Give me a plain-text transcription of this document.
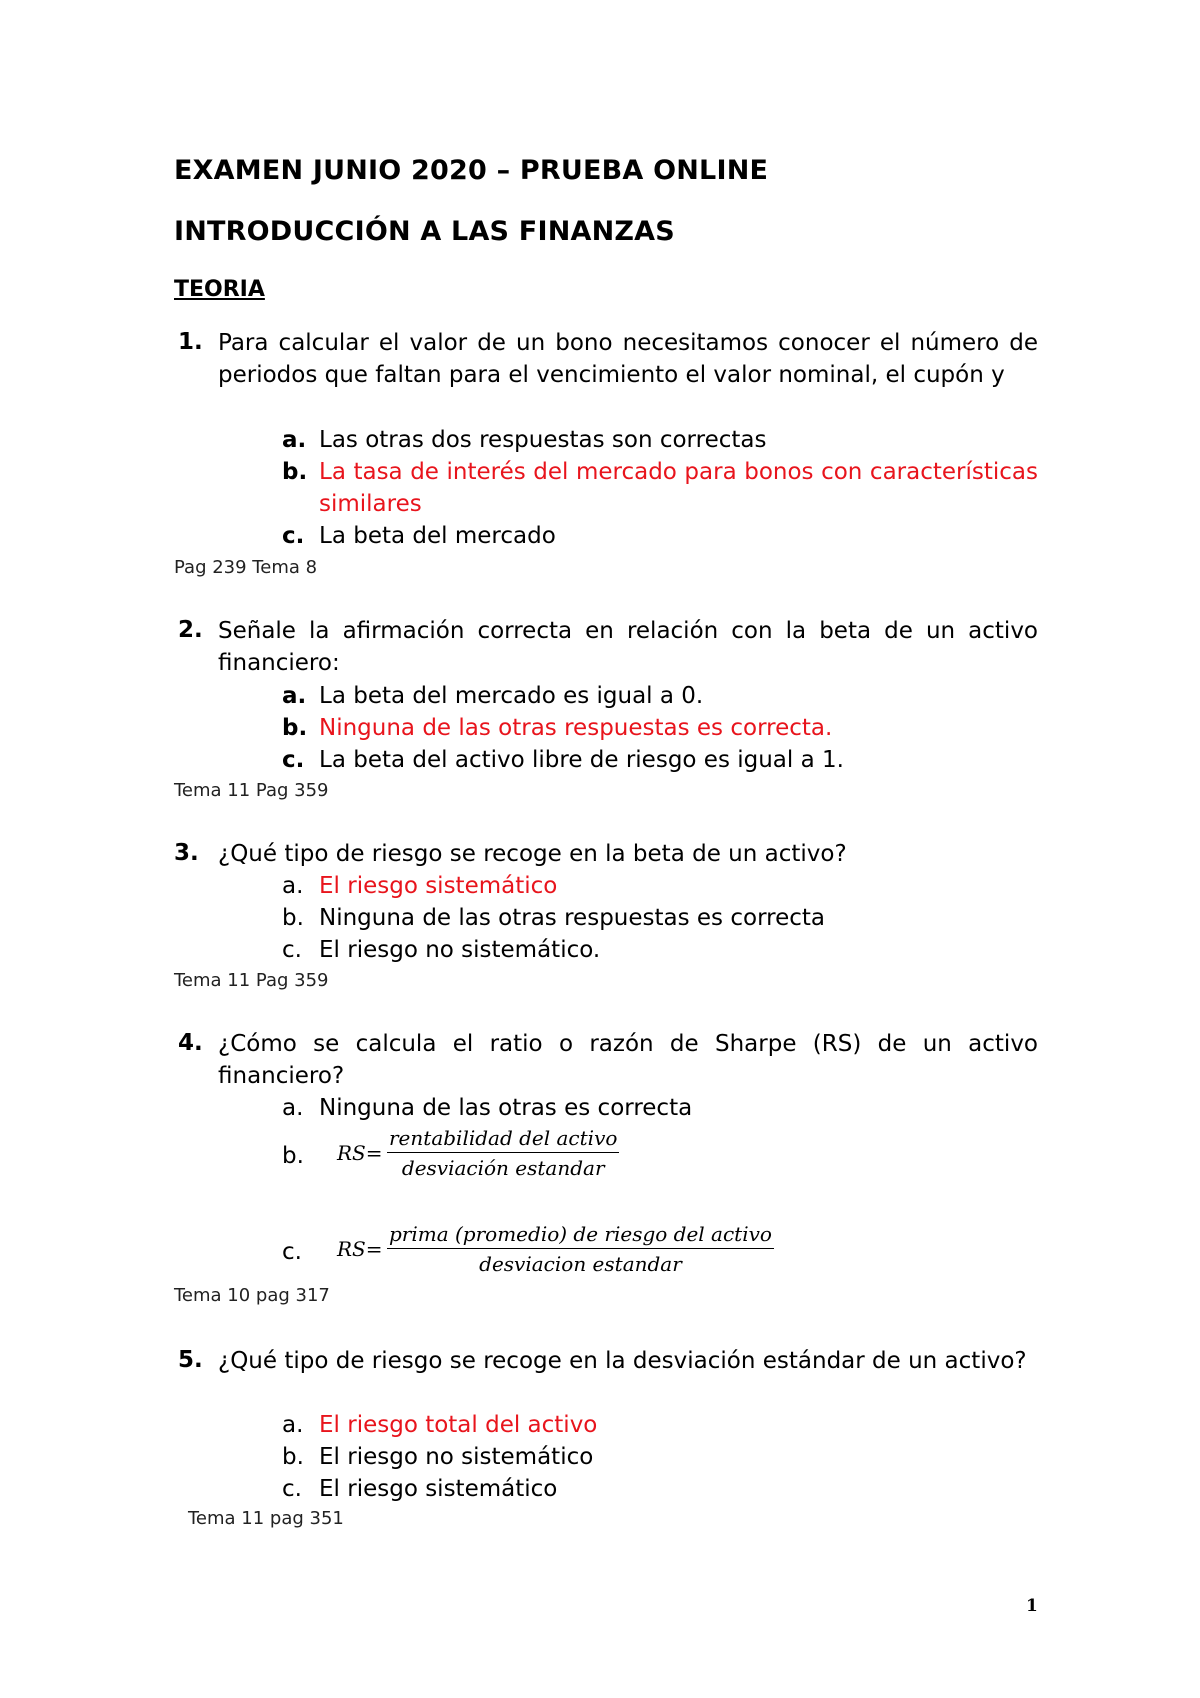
EXAMEN JUNIO 2020 – PRUEBA ONLINE
INTRODUCCIÓN A LAS FINANZAS
TEORIA
1. Para calcular el valor de un bono necesitamos conocer el número de periodos que faltan para el vencimiento el valor nominal, el cupón y
a. Las otras dos respuestas son correctas
b. La tasa de interés del mercado para bonos con características similares
c. La beta del mercado
Pag 239 Tema 8
2. Señale la afirmación correcta en relación con la beta de un activo financiero:
a. La beta del mercado es igual a 0.
b. Ninguna de las otras respuestas es correcta.
c. La beta del activo libre de riesgo es igual a 1.
Tema 11 Pag 359
3. ¿Qué tipo de riesgo se recoge en la beta de un activo?
a. El riesgo sistemático
b. Ninguna de las otras respuestas es correcta
c. El riesgo no sistemático.
Tema 11 Pag 359
4. ¿Cómo se calcula el ratio o razón de Sharpe (RS) de un activo financiero?
a. Ninguna de las otras es correcta
b. RS=
rentabilidad del activo
desviación estandar
c. RS=
prima (promedio) de riesgo del activo
desviacion estandar
Tema 10 pag 317
5. ¿Qué tipo de riesgo se recoge en la desviación estándar de un activo?
a. El riesgo total del activo
b. El riesgo no sistemático
c. El riesgo sistemático
Tema 11 pag 351
1
